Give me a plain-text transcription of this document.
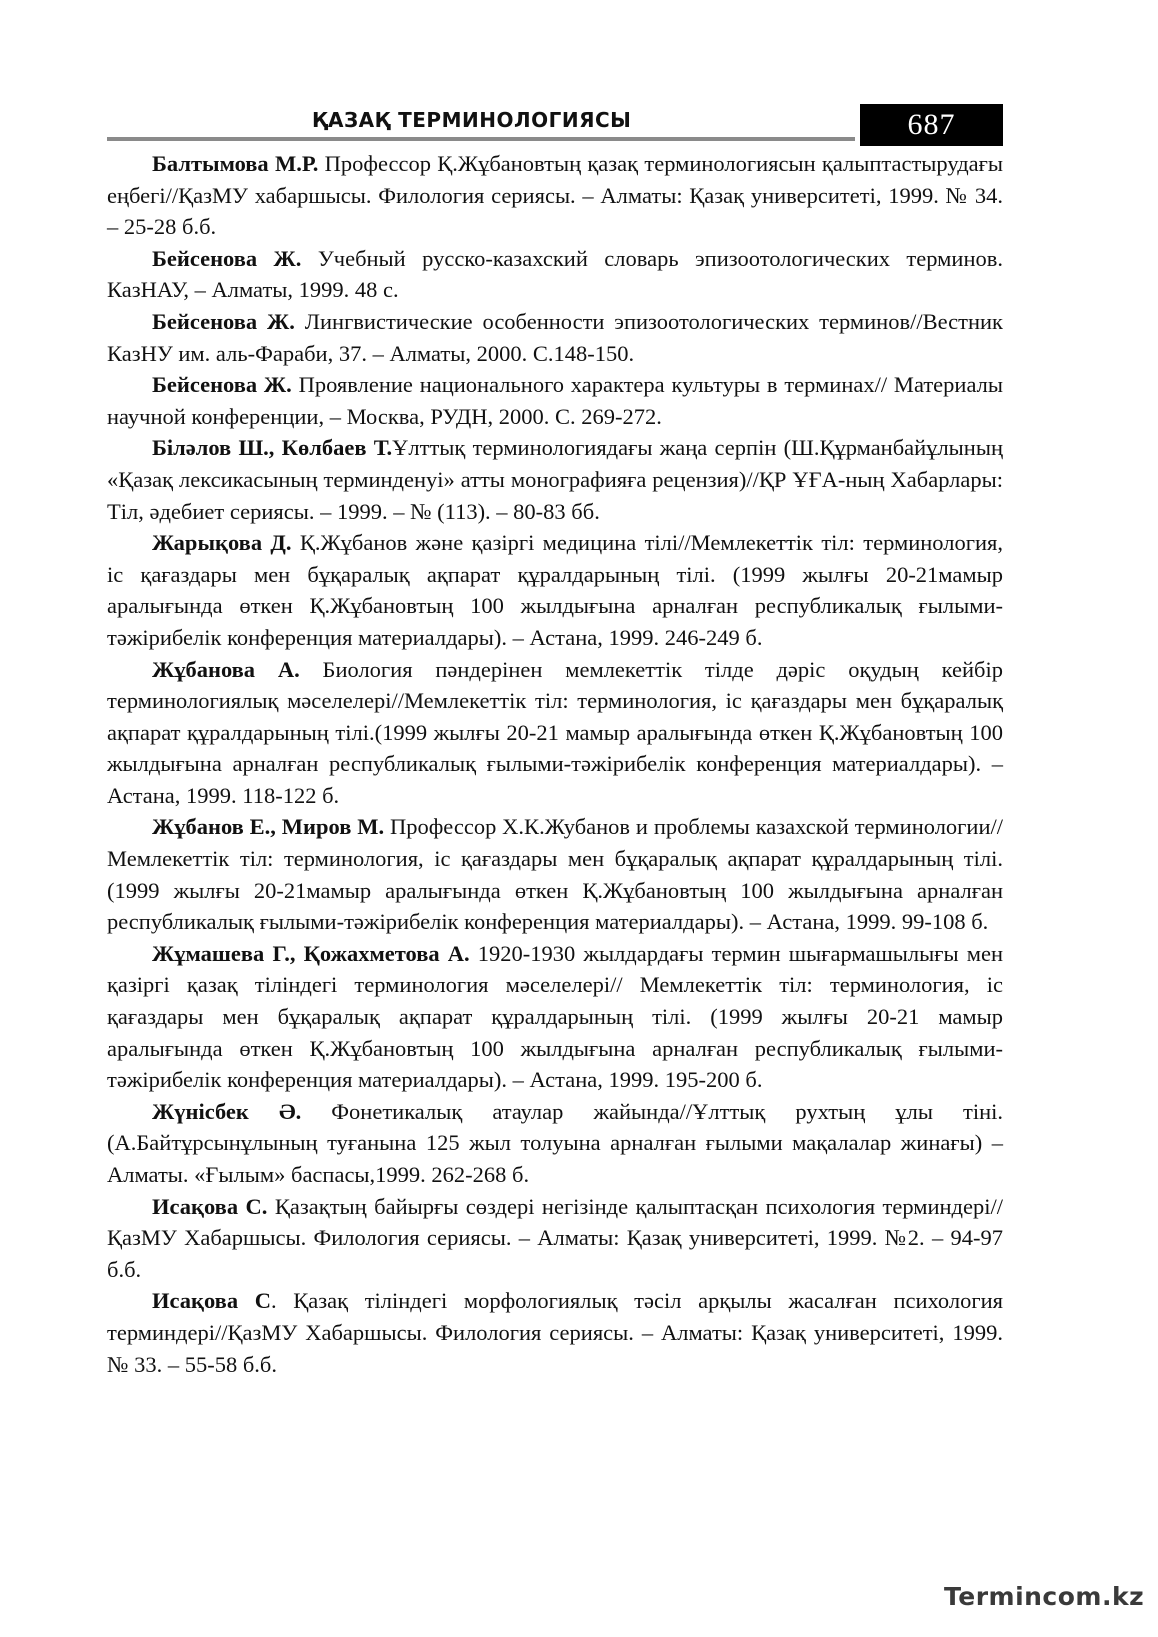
ҚАЗАҚ ТЕРМИНОЛОГИЯСЫ	687

Балтымова М.Р. Профессор Қ.Жұбановтың қазақ терминологиясын қалыптастырудағы еңбегі//ҚазМУ хабаршысы. Филология сериясы. – Алматы: Қазақ университеті, 1999. № 34. – 25-28 б.б.

Бейсенова Ж. Учебный русско-казахский словарь эпизоотологических терминов. КазНАУ, – Алматы, 1999. 48 с.

Бейсенова Ж. Лингвистические особенности эпизоотологических терминов//Вестник КазНУ им. аль-Фараби, 37. – Алматы, 2000. С.148-150.

Бейсенова Ж. Проявление национального характера культуры в терминах// Материалы научной конференции, – Москва, РУДН, 2000. С. 269-272.

Біләлов Ш., Көлбаев Т.Ұлттық терминологиядағы жаңа серпін (Ш.Құрманбайұлының «Қазақ лексикасының терминденуі» атты монографияға рецензия)//ҚР ҰҒА-ның Хабарлары: Тіл, әдебиет сериясы. – 1999. – № (113). – 80-83 бб.

Жарықова Д. Қ.Жұбанов және қазіргі медицина тілі//Мемлекеттік тіл: терминология, іс қағаздары мен бұқаралық ақпарат құралдарының тілі. (1999 жылғы 20-21мамыр аралығында өткен Қ.Жұбановтың 100 жылдығына арналған республикалық ғылыми-тәжірибелік конференция материалдары). – Астана, 1999. 246-249 б.

Жұбанова А. Биология пәндерінен мемлекеттік тілде дәріс оқудың кейбір терминологиялық мәселелері//Мемлекеттік тіл: терминология, іс қағаздары мен бұқаралық ақпарат құралдарының тілі.(1999 жылғы 20-21 мамыр аралығында өткен Қ.Жұбановтың 100 жылдығына арналған республикалық ғылыми-тәжірибелік конференция материалдары). – Астана, 1999. 118-122 б.

Жұбанов Е., Миров М. Профессор Х.К.Жубанов и проблемы казахской терминологии//Мемлекеттік тіл: терминология, іс қағаздары мен бұқаралық ақпарат құралдарының тілі.(1999 жылғы 20-21мамыр аралығында өткен Қ.Жұбановтың 100 жылдығына арналған республикалық ғылыми-тәжірибелік конференция материалдары). – Астана, 1999. 99-108 б.

Жұмашева Г., Қожахметова А. 1920-1930 жылдардағы термин шығармашылығы мен қазіргі қазақ тіліндегі терминология мәселелері// Мемлекеттік тіл: терминология, іс қағаздары мен бұқаралық ақпарат құралдарының тілі. (1999 жылғы 20-21 мамыр аралығында өткен Қ.Жұбановтың 100 жылдығына арналған республикалық ғылыми-тәжірибелік конференция материалдары). – Астана, 1999. 195-200 б.

Жүнісбек Ә. Фонетикалық атаулар жайында//Ұлттық рухтың ұлы тіні. (А.Байтұрсынұлының туғанына 125 жыл толуына арналған ғылыми мақалалар жинағы) – Алматы. «Ғылым» баспасы,1999. 262-268 б.

Исақова С. Қазақтың байырғы сөздері негізінде қалыптасқан психология терминдері//ҚазМУ Хабаршысы. Филология сериясы. – Алматы: Қазақ университеті, 1999. №2. – 94-97 б.б.

Исақова С. Қазақ тіліндегі морфологиялық тәсіл арқылы жасалған психология терминдері//ҚазМУ Хабаршысы. Филология сериясы. – Алматы: Қазақ университеті, 1999. № 33. – 55-58 б.б.

Termincom.kz
